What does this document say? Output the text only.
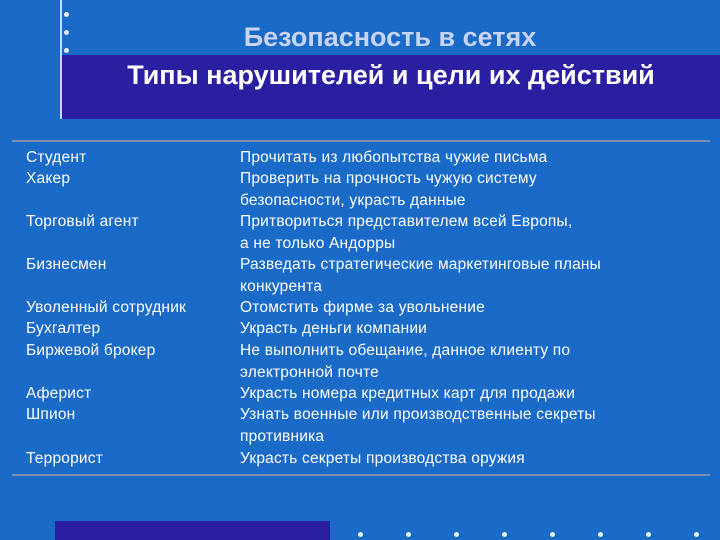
Безопасность в сетях
Типы нарушителей и цели их действий
Студент	Прочитать из любопытства чужие письма
Хакер	Проверить на прочность чужую систему
безопасности, украсть данные
Торговый агент	Притвориться представителем всей Европы,
а не только Андорры
Бизнесмен	Разведать стратегические маркетинговые планы
конкурента
Уволенный сотрудник	Отомстить фирме за увольнение
Бухгалтер	Украсть деньги компании
Биржевой брокер	Не выполнить обещание, данное клиенту по
электронной почте
Аферист	Украсть номера кредитных карт для продажи
Шпион	Узнать военные или производственные секреты
противника
Террорист	Украсть секреты производства оружия
